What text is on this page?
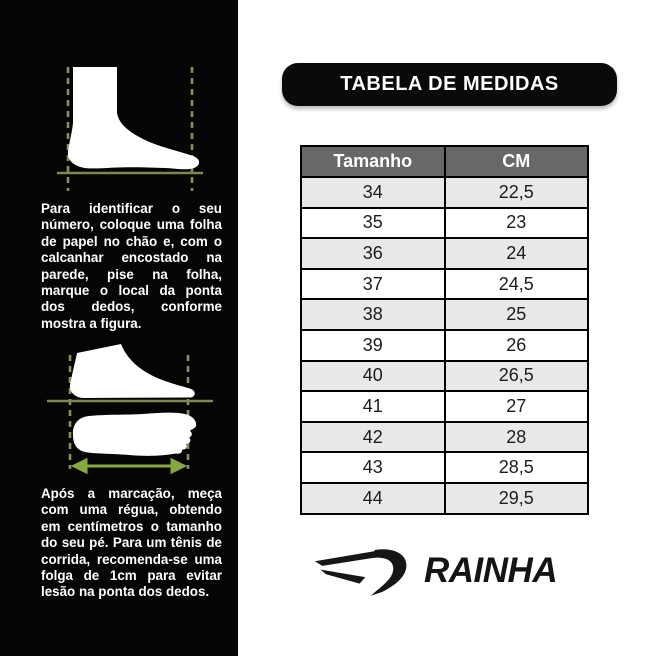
Para identificar o seu número, coloque uma folha de papel no chão e, com o calcanhar encostado na parede, pise na folha, marque o local da ponta dos dedos, conforme mostra a figura.

Após a marcação, meça com uma régua, obtendo em centímetros o tamanho do seu pé. Para um tênis de corrida, recomenda-se uma folga de 1cm para evitar lesão na ponta dos dedos.

TABELA DE MEDIDAS
Tamanho	CM
34	22,5
35	23
36	24
37	24,5
38	25
39	26
40	26,5
41	27
42	28
43	28,5
44	29,5
RAINHA
